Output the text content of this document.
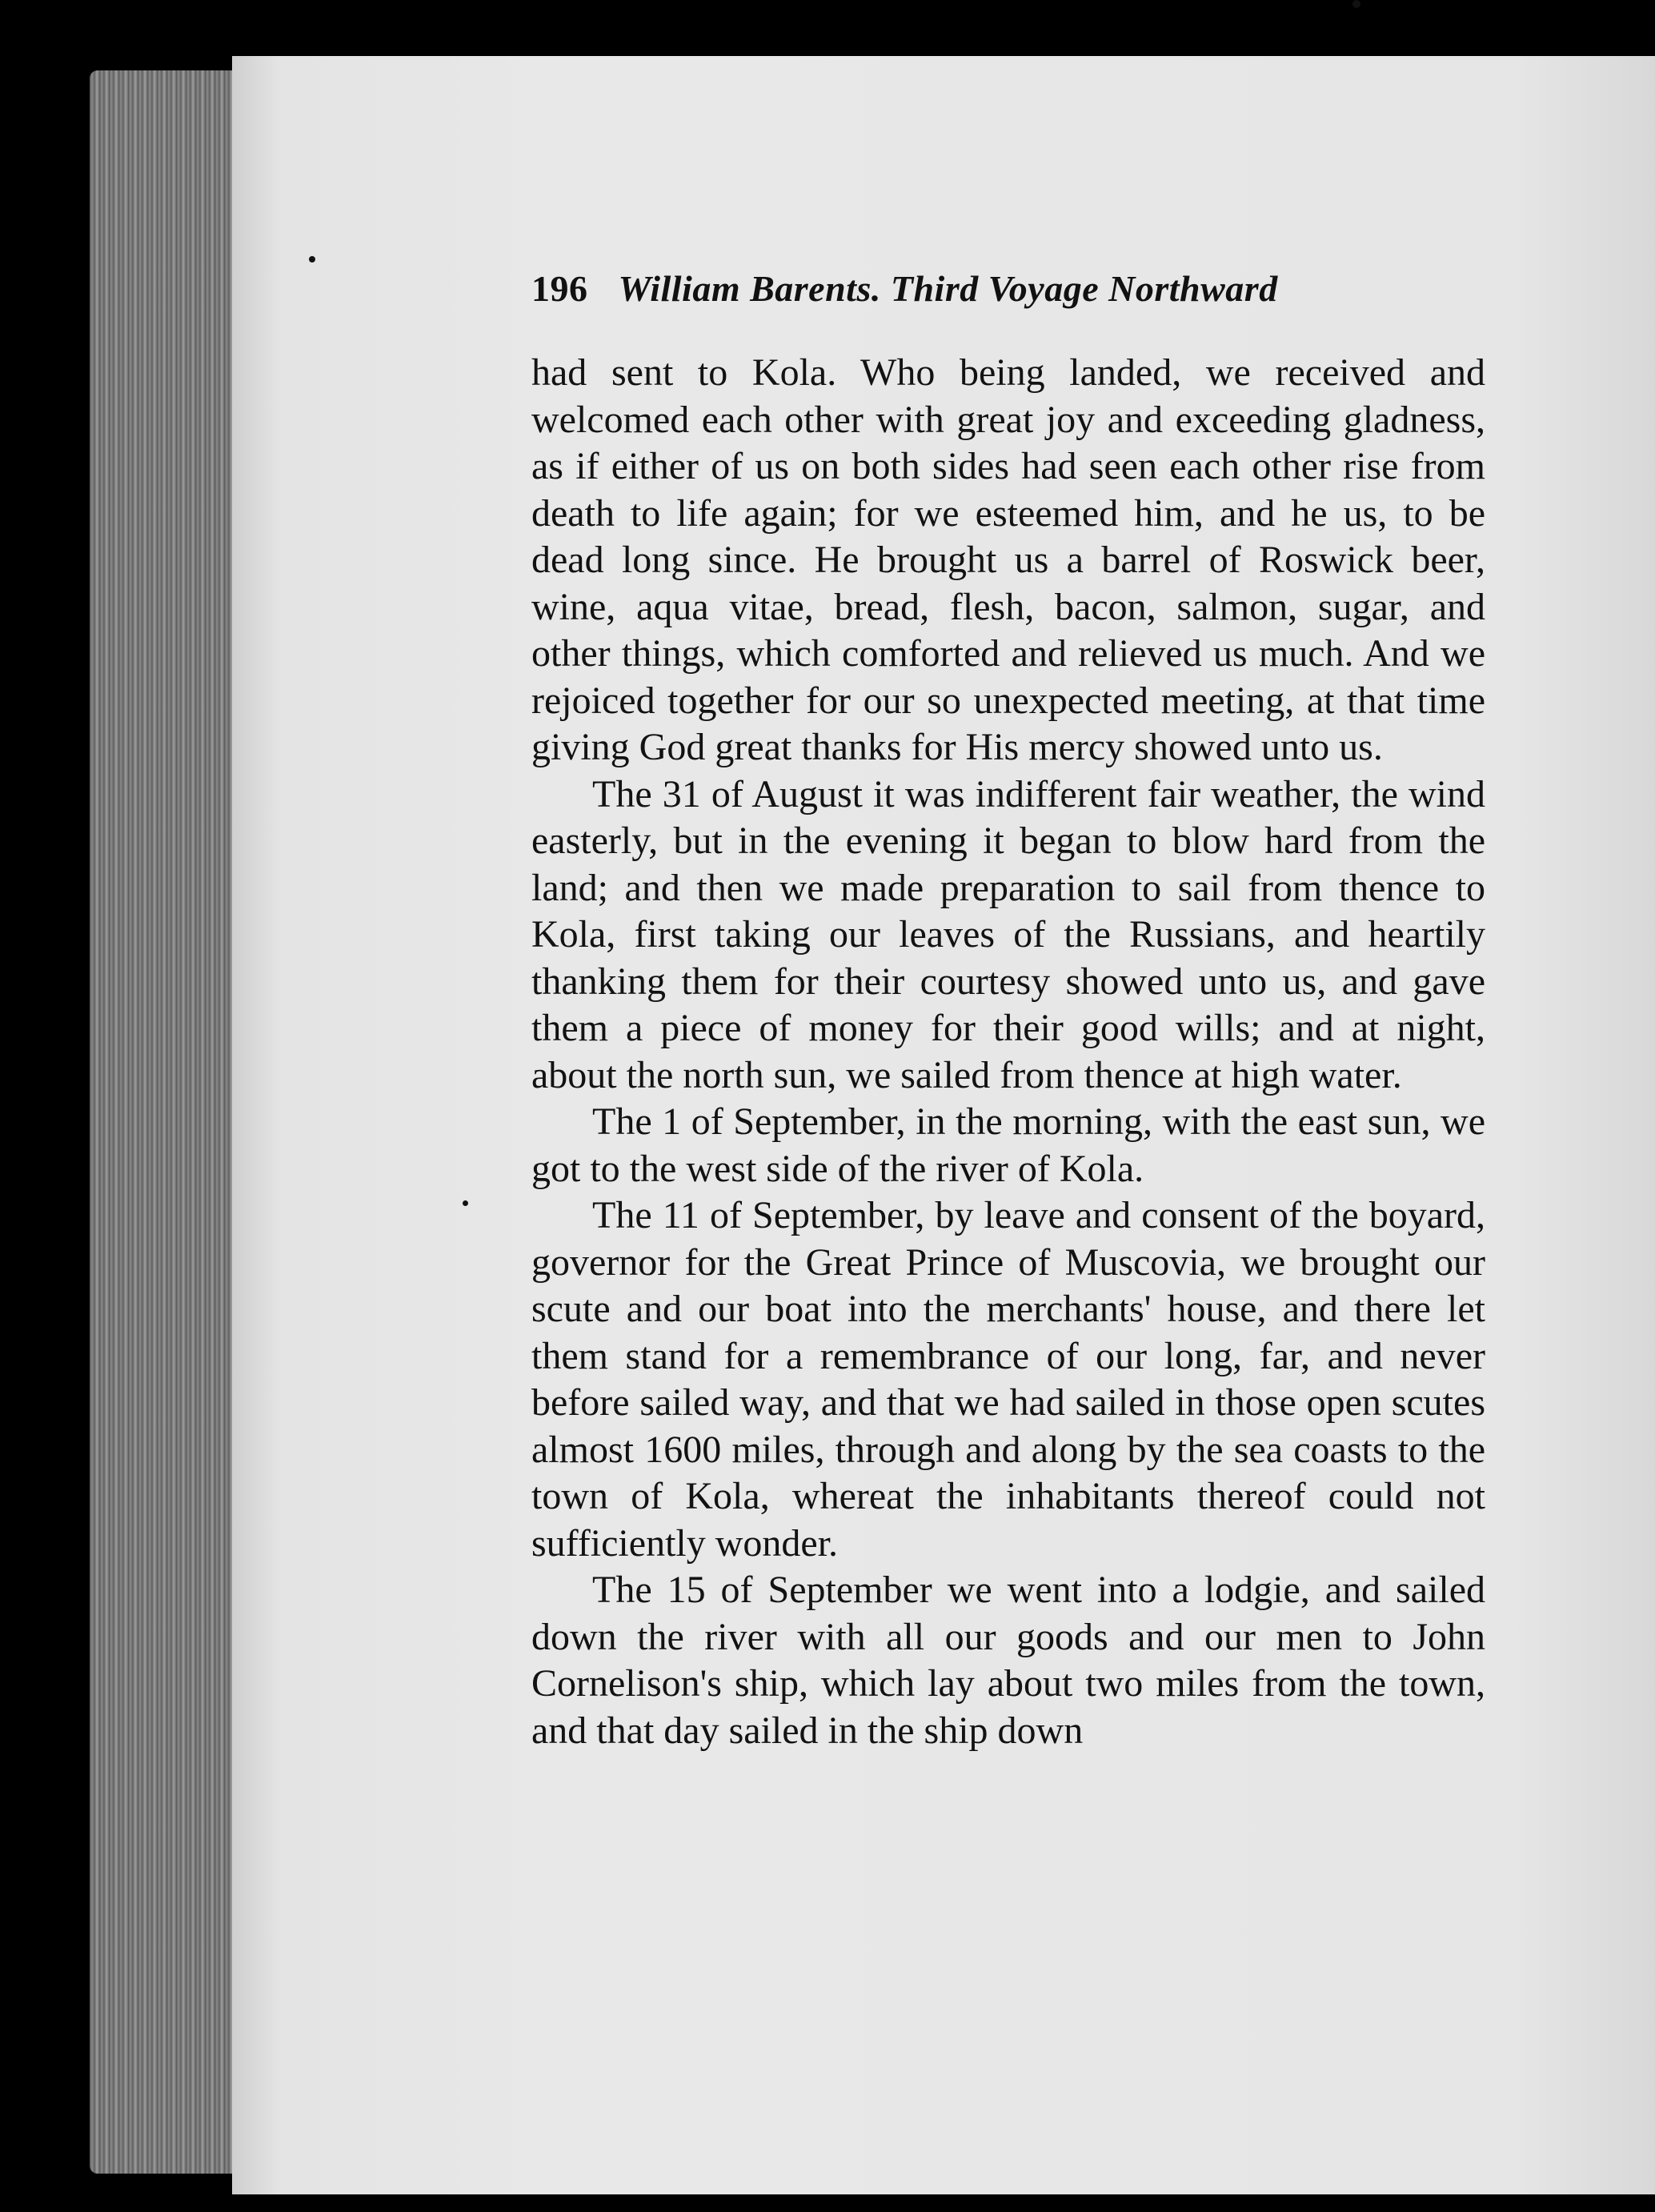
196 William Barents. Third Voyage Northward

had sent to Kola. Who being landed, we received and welcomed each other with great joy and exceeding gladness, as if either of us on both sides had seen each other rise from death to life again; for we esteemed him, and he us, to be dead long since. He brought us a barrel of Roswick beer, wine, aqua vitae, bread, flesh, bacon, salmon, sugar, and other things, which comforted and relieved us much. And we rejoiced together for our so unexpected meeting, at that time giving God great thanks for His mercy showed unto us.

The 31 of August it was indifferent fair weather, the wind easterly, but in the evening it began to blow hard from the land; and then we made preparation to sail from thence to Kola, first taking our leaves of the Russians, and heartily thanking them for their courtesy showed unto us, and gave them a piece of money for their good wills; and at night, about the north sun, we sailed from thence at high water.

The 1 of September, in the morning, with the east sun, we got to the west side of the river of Kola.

The 11 of September, by leave and consent of the boyard, governor for the Great Prince of Muscovia, we brought our scute and our boat into the merchants' house, and there let them stand for a remembrance of our long, far, and never before sailed way, and that we had sailed in those open scutes almost 1600 miles, through and along by the sea coasts to the town of Kola, whereat the inhabitants thereof could not sufficiently wonder.

The 15 of September we went into a lodgie, and sailed down the river with all our goods and our men to John Cornelison's ship, which lay about two miles from the town, and that day sailed in the ship down
